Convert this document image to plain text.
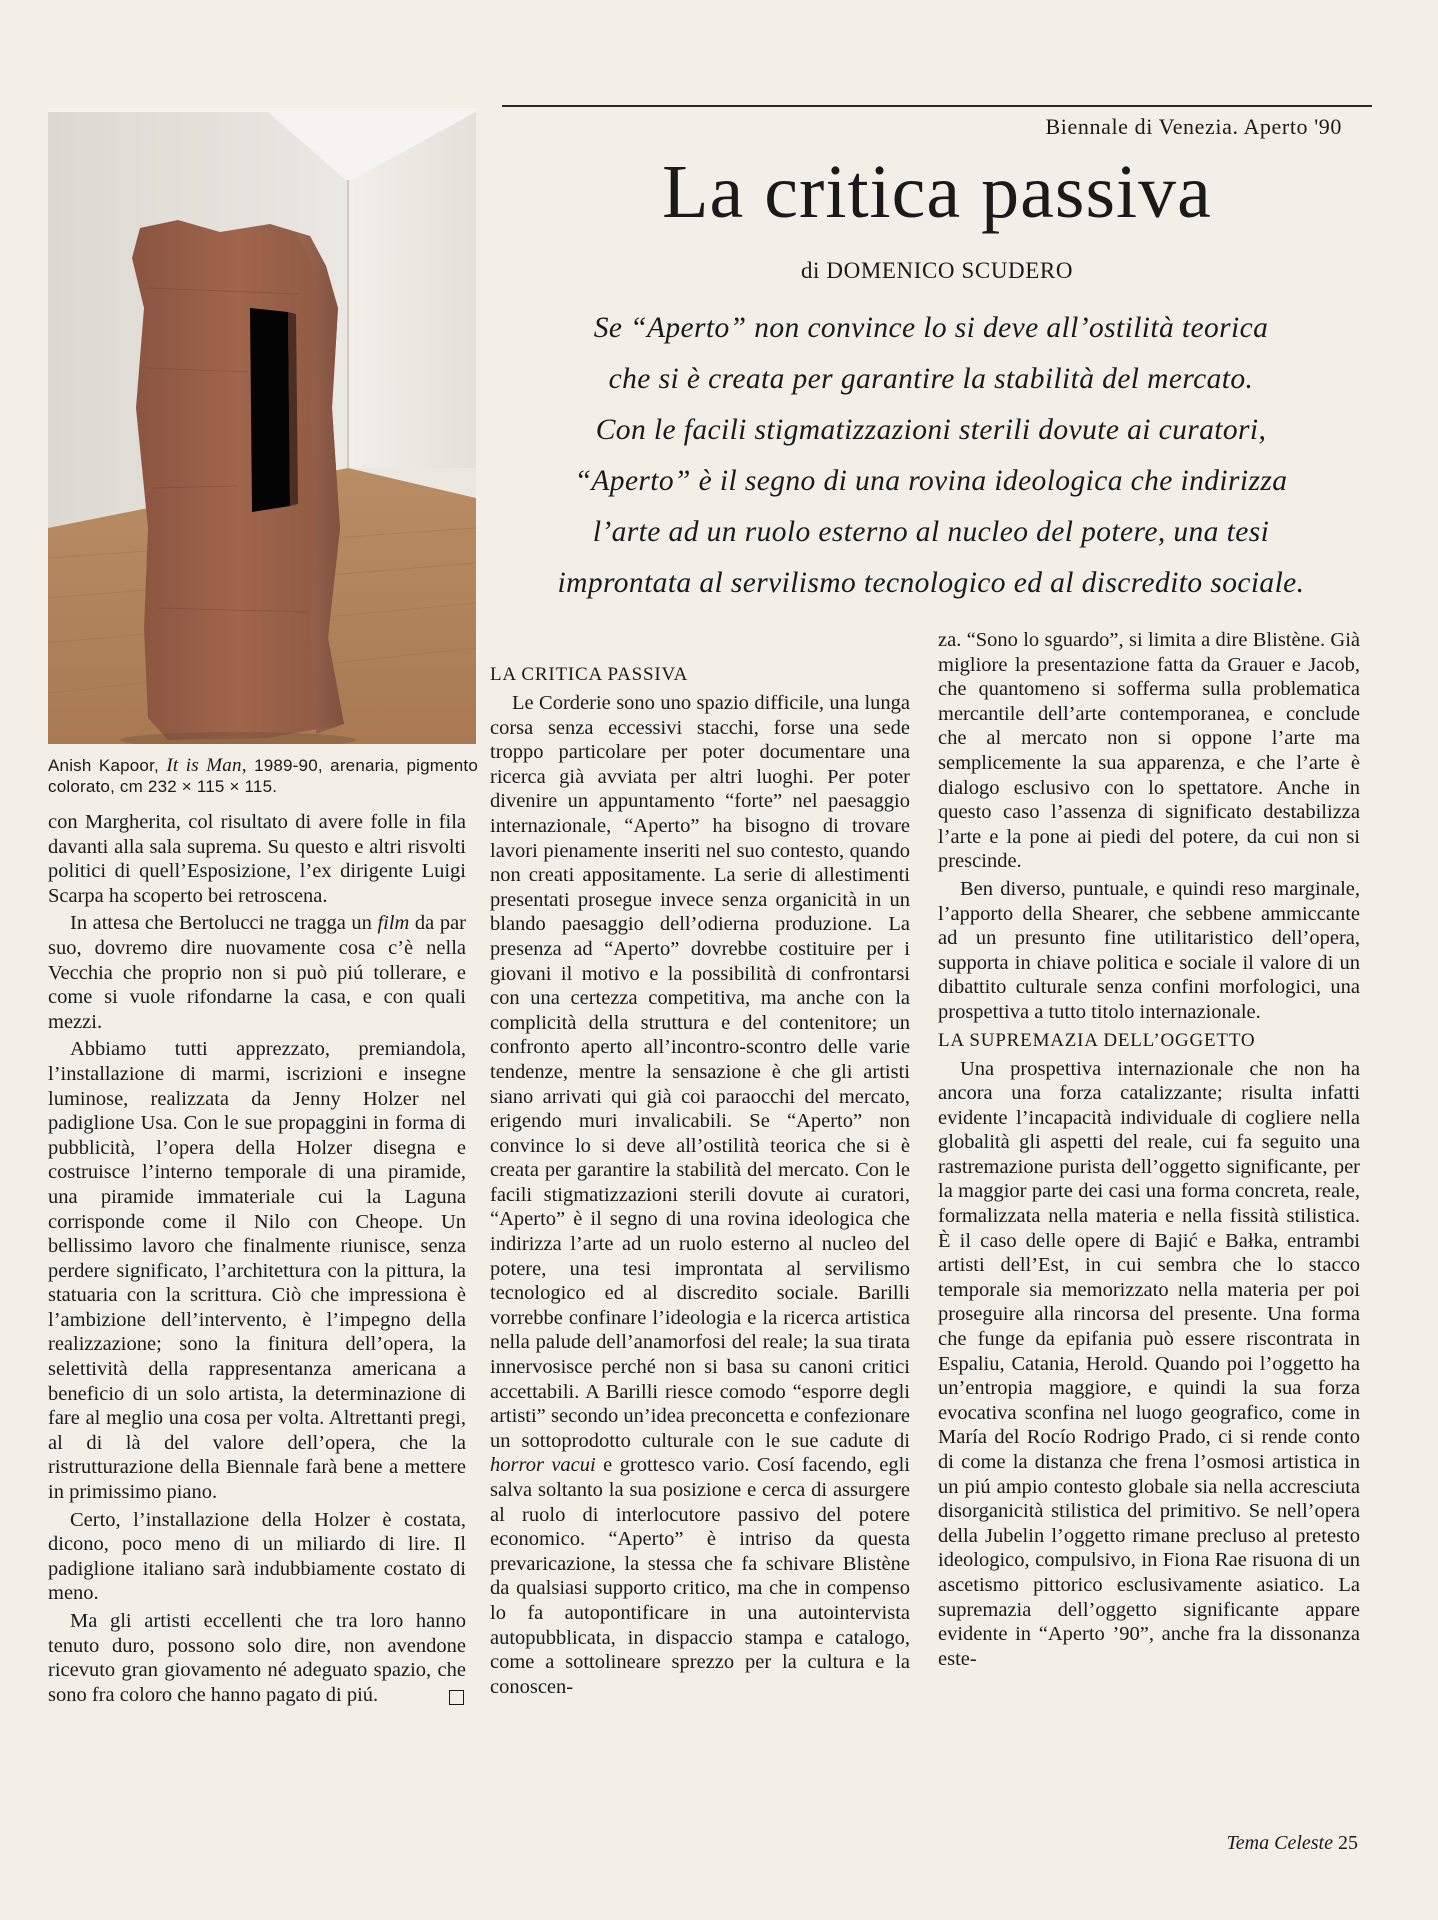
Anish Kapoor, It is Man, 1989-90, arenaria, pigmento colorato, cm 232 × 115 × 115.

con Margherita, col risultato di avere folle in fila davanti alla sala suprema. Su questo e altri risvolti politici di quell’Esposizione, l’ex dirigente Luigi Scarpa ha scoperto bei retroscena.

In attesa che Bertolucci ne tragga un film da par suo, dovremo dire nuovamente cosa c’è nella Vecchia che proprio non si può piú tollerare, e come si vuole rifondarne la casa, e con quali mezzi.

Abbiamo tutti apprezzato, premiandola, l’installazione di marmi, iscrizioni e insegne luminose, realizzata da Jenny Holzer nel padiglione Usa. Con le sue propaggini in forma di pubblicità, l’opera della Holzer disegna e costruisce l’interno temporale di una piramide, una piramide immateriale cui la Laguna corrisponde come il Nilo con Cheope. Un bellissimo lavoro che finalmente riunisce, senza perdere significato, l’architettura con la pittura, la statuaria con la scrittura. Ciò che impressiona è l’ambizione dell’intervento, è l’impegno della realizzazione; sono la finitura dell’opera, la selettività della rappresentanza americana a beneficio di un solo artista, la determinazione di fare al meglio una cosa per volta. Altrettanti pregi, al di là del valore dell’opera, che la ristrutturazione della Biennale farà bene a mettere in primissimo piano.

Certo, l’installazione della Holzer è costata, dicono, poco meno di un miliardo di lire. Il padiglione italiano sarà indubbiamente costato di meno.

Ma gli artisti eccellenti che tra loro hanno tenuto duro, possono solo dire, non avendone ricevuto gran giovamento né adeguato spazio, che sono fra coloro che hanno pagato di piú.

Biennale di Venezia. Aperto '90
La critica passiva
di DOMENICO SCUDERO
Se “Aperto” non convince lo si deve all’ostilità teorica
che si è creata per garantire la stabilità del mercato.
Con le facili stigmatizzazioni sterili dovute ai curatori,
“Aperto” è il segno di una rovina ideologica che indirizza
l’arte ad un ruolo esterno al nucleo del potere, una tesi
improntata al servilismo tecnologico ed al discredito sociale.

LA CRITICA PASSIVA

Le Corderie sono uno spazio difficile, una lunga corsa senza eccessivi stacchi, forse una sede troppo particolare per poter documentare una ricerca già avviata per altri luoghi. Per poter divenire un appuntamento “forte” nel paesaggio internazionale, “Aperto” ha bisogno di trovare lavori pienamente inseriti nel suo contesto, quando non creati appositamente. La serie di allestimenti presentati prosegue invece senza organicità in un blando paesaggio dell’odierna produzione. La presenza ad “Aperto” dovrebbe costituire per i giovani il motivo e la possibilità di confrontarsi con una certezza competitiva, ma anche con la complicità della struttura e del contenitore; un confronto aperto all’incontro-scontro delle varie tendenze, mentre la sensazione è che gli artisti siano arrivati qui già coi paraocchi del mercato, erigendo muri invalicabili. Se “Aperto” non convince lo si deve all’ostilità teorica che si è creata per garantire la stabilità del mercato. Con le facili stigmatizzazioni sterili dovute ai curatori, “Aperto” è il segno di una rovina ideologica che indirizza l’arte ad un ruolo esterno al nucleo del potere, una tesi improntata al servilismo tecnologico ed al discredito sociale. Barilli vorrebbe confinare l’ideologia e la ricerca artistica nella palude dell’anamorfosi del reale; la sua tirata innervosisce perché non si basa su canoni critici accettabili. A Barilli riesce comodo “esporre degli artisti” secondo un’idea preconcetta e confezionare un sottoprodotto culturale con le sue cadute di horror vacui e grottesco vario. Cosí facendo, egli salva soltanto la sua posizione e cerca di assurgere al ruolo di interlocutore passivo del potere economico. “Aperto” è intriso da questa prevaricazione, la stessa che fa schivare Blistène da qualsiasi supporto critico, ma che in compenso lo fa autopontificare in una autointervista autopubblicata, in dispaccio stampa e catalogo, come a sottolineare sprezzo per la cultura e la conoscen-

za. “Sono lo sguardo”, si limita a dire Blistène. Già migliore la presentazione fatta da Grauer e Jacob, che quantomeno si sofferma sulla problematica mercantile dell’arte contemporanea, e conclude che al mercato non si oppone l’arte ma semplicemente la sua apparenza, e che l’arte è dialogo esclusivo con lo spettatore. Anche in questo caso l’assenza di significato destabilizza l’arte e la pone ai piedi del potere, da cui non si prescinde.

Ben diverso, puntuale, e quindi reso marginale, l’apporto della Shearer, che sebbene ammiccante ad un presunto fine utilitaristico dell’opera, supporta in chiave politica e sociale il valore di un dibattito culturale senza confini morfologici, una prospettiva a tutto titolo internazionale.

LA SUPREMAZIA DELL’OGGETTO

Una prospettiva internazionale che non ha ancora una forza catalizzante; risulta infatti evidente l’incapacità individuale di cogliere nella globalità gli aspetti del reale, cui fa seguito una rastremazione purista dell’oggetto significante, per la maggior parte dei casi una forma concreta, reale, formalizzata nella materia e nella fissità stilistica. È il caso delle opere di Bajić e Bałka, entrambi artisti dell’Est, in cui sembra che lo stacco temporale sia memorizzato nella materia per poi proseguire alla rincorsa del presente. Una forma che funge da epifania può essere riscontrata in Espaliu, Catania, Herold. Quando poi l’oggetto ha un’entropia maggiore, e quindi la sua forza evocativa sconfina nel luogo geografico, come in María del Rocío Rodrigo Prado, ci si rende conto di come la distanza che frena l’osmosi artistica in un piú ampio contesto globale sia nella accresciuta disorganicità stilistica del primitivo. Se nell’opera della Jubelin l’oggetto rimane precluso al pretesto ideologico, compulsivo, in Fiona Rae risuona di un ascetismo pittorico esclusivamente asiatico. La supremazia dell’oggetto significante appare evidente in “Aperto ’90”, anche fra la dissonanza este-

Tema Celeste 25
